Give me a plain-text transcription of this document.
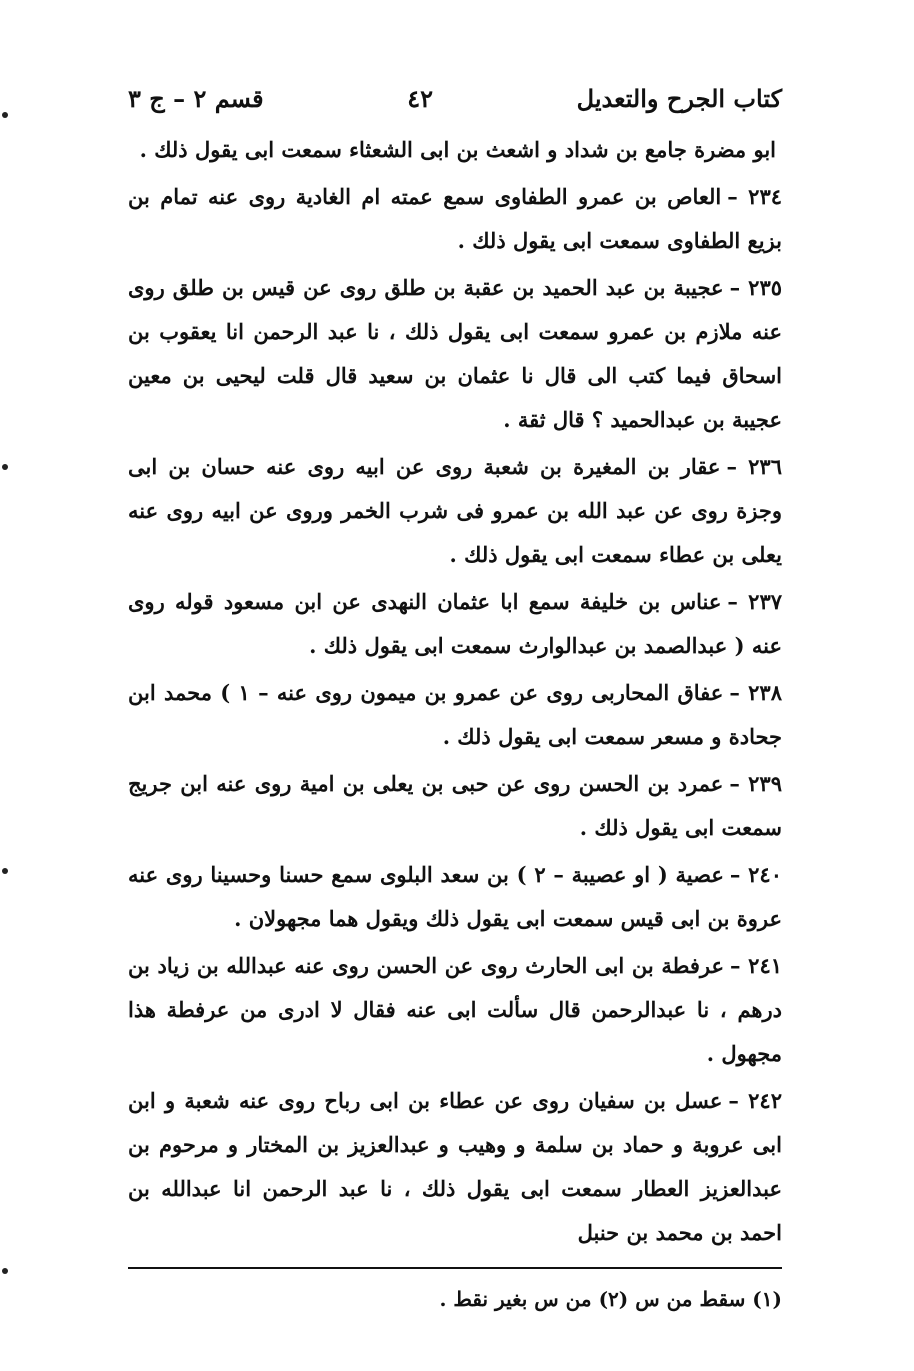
كتاب الجرح والتعديل
٤٢
قسم ٢ – ج ٣

ابو مضرة جامع بن شداد و اشعث بن ابى الشعثاء سمعت ابى يقول ذلك .

٢٣٤ –العاص بن عمرو الطفاوى سمع عمته ام الغادية روى عنه تمام بن بزيع الطفاوى سمعت ابى يقول ذلك .

٢٣٥ –عجيبة بن عبد الحميد بن عقبة بن طلق روى عن قيس بن طلق روى عنه ملازم بن عمرو سمعت ابى يقول ذلك ، نا عبد الرحمن انا يعقوب بن اسحاق فيما كتب الى قال نا عثمان بن سعيد قال قلت ليحيى بن معين عجيبة بن عبدالحميد ؟ قال ثقة .

٢٣٦ –عقار بن المغيرة بن شعبة روى عن ابيه روى عنه حسان بن ابى وجزة روى عن عبد الله بن عمرو فى شرب الخمر وروى عن ابيه روى عنه يعلى بن عطاء سمعت ابى يقول ذلك .

٢٣٧ –عناس بن خليفة سمع ابا عثمان النهدى عن ابن مسعود قوله روى عنه ( عبدالصمد بن عبدالوارث سمعت ابى يقول ذلك .

٢٣٨ –عفاق المحاربى روى عن عمرو بن ميمون روى عنه – ١ ) محمد ابن جحادة و مسعر سمعت ابى يقول ذلك .

٢٣٩ –عمرد بن الحسن روى عن حبى بن يعلى بن امية روى عنه ابن جريج سمعت ابى يقول ذلك .

٢٤٠ –عصية ( او عصيبة – ٢ ) بن سعد البلوى سمع حسنا وحسينا روى عنه عروة بن ابى قيس سمعت ابى يقول ذلك ويقول هما مجهولان .

٢٤١ –عرفطة بن ابى الحارث روى عن الحسن روى عنه عبدالله بن زياد بن درهم ، نا عبدالرحمن قال سألت ابى عنه فقال لا ادرى من عرفطة هذا مجهول .

٢٤٢ –عسل بن سفيان روى عن عطاء بن ابى رباح روى عنه شعبة و ابن ابى عروبة و حماد بن سلمة و وهيب و عبدالعزيز بن المختار و مرحوم بن عبدالعزيز العطار سمعت ابى يقول ذلك ، نا عبد الرحمن انا عبدالله بن احمد بن محمد بن حنبل

(١) سقط من س (٢) من س بغير نقط .
